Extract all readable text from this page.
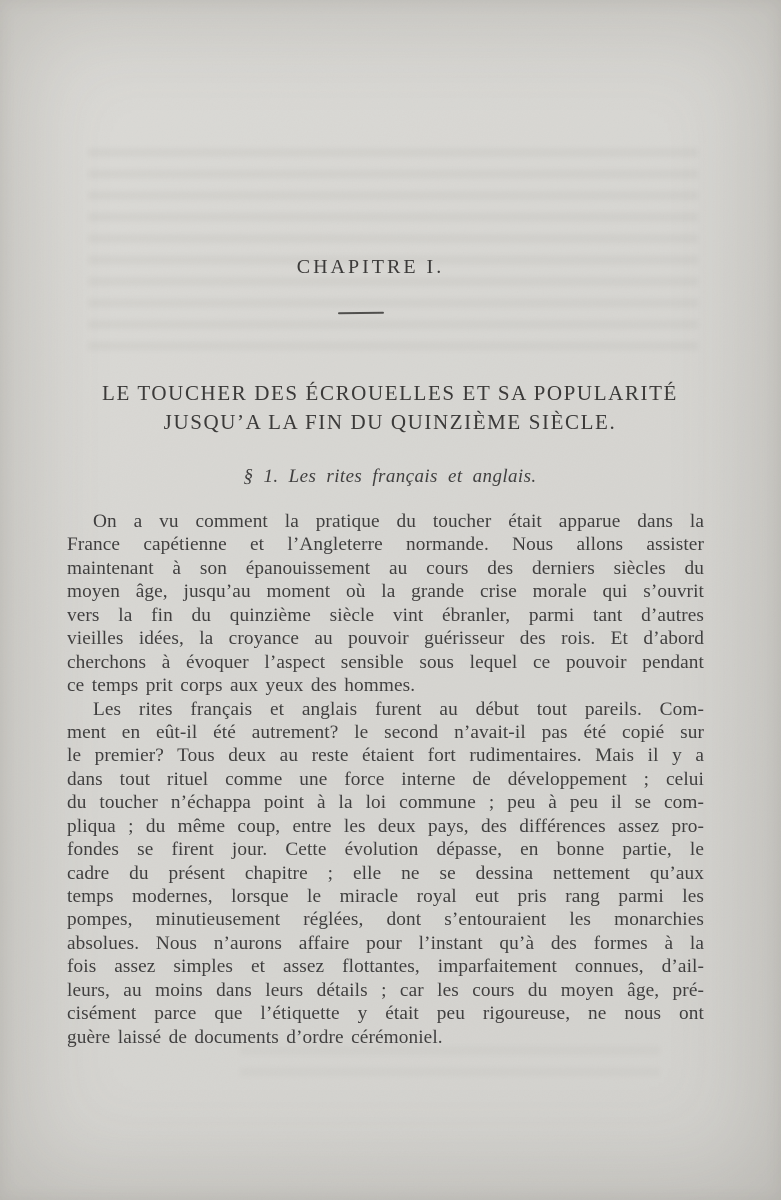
CHAPITRE I.
LE TOUCHER DES ÉCROUELLES ET SA POPULARITÉ
JUSQU’A LA FIN DU QUINZIÈME SIÈCLE.
§ 1. Les rites français et anglais.
On a vu comment la pratique du toucher était apparue dans la
France capétienne et l’Angleterre normande. Nous allons assister
maintenant à son épanouissement au cours des derniers siècles du
moyen âge, jusqu’au moment où la grande crise morale qui s’ouvrit
vers la fin du quinzième siècle vint ébranler, parmi tant d’autres
vieilles idées, la croyance au pouvoir guérisseur des rois. Et d’abord
cherchons à évoquer l’aspect sensible sous lequel ce pouvoir pendant
ce temps prit corps aux yeux des hommes.
Les rites français et anglais furent au début tout pareils. Com-
ment en eût-il été autrement? le second n’avait-il pas été copié sur
le premier? Tous deux au reste étaient fort rudimentaires. Mais il y a
dans tout rituel comme une force interne de développement ; celui
du toucher n’échappa point à la loi commune ; peu à peu il se com-
pliqua ; du même coup, entre les deux pays, des différences assez pro-
fondes se firent jour. Cette évolution dépasse, en bonne partie, le
cadre du présent chapitre ; elle ne se dessina nettement qu’aux
temps modernes, lorsque le miracle royal eut pris rang parmi les
pompes, minutieusement réglées, dont s’entouraient les monarchies
absolues. Nous n’aurons affaire pour l’instant qu’à des formes à la
fois assez simples et assez flottantes, imparfaitement connues, d’ail-
leurs, au moins dans leurs détails ; car les cours du moyen âge, pré-
cisément parce que l’étiquette y était peu rigoureuse, ne nous ont
guère laissé de documents d’ordre cérémoniel.
